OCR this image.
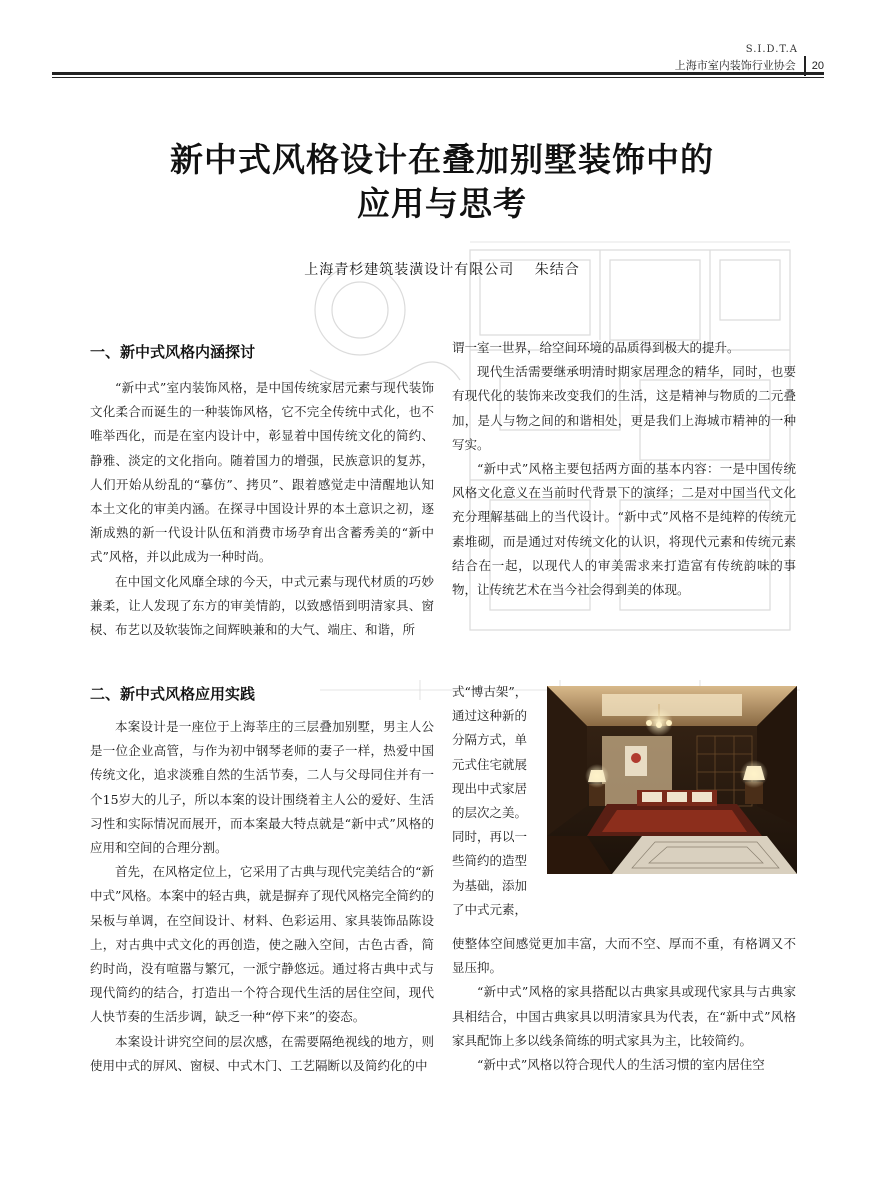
S.I.D.T.A
上海市室内装饰行业协会 20
新中式风格设计在叠加别墅装饰中的
应用与思考
上海青杉建筑装潢设计有限公司　 朱结合
一、新中式风格内涵探讨

“新中式”室内装饰风格，是中国传统家居元素与现代装饰文化柔合而诞生的一种装饰风格，它不完全传统中式化，也不唯举西化，而是在室内设计中，彰显着中国传统文化的简约、静雅、淡定的文化指向。随着国力的增强，民族意识的复苏，人们开始从纷乱的“摹仿”、拷贝”、跟着感觉走中清醒地认知本土文化的审美内涵。在探寻中国设计界的本土意识之初，逐渐成熟的新一代设计队伍和消费市场孕育出含蓄秀美的“新中式”风格，并以此成为一种时尚。

在中国文化风靡全球的今天，中式元素与现代材质的巧妙兼柔，让人发现了东方的审美情韵，以致感悟到明清家具、窗棂、布艺以及软装饰之间辉映兼和的大气、端庄、和谐，所

谓一室一世界，给空间环境的品质得到极大的提升。

现代生活需要继承明清时期家居理念的精华，同时，也要有现代化的装饰来改变我们的生活，这是精神与物质的二元叠加，是人与物之间的和谐相处，更是我们上海城市精神的一种写实。

“新中式”风格主要包括两方面的基本内容：一是中国传统风格文化意义在当前时代背景下的演绎；二是对中国当代文化充分理解基础上的当代设计。“新中式”风格不是纯粹的传统元素堆砌，而是通过对传统文化的认识，将现代元素和传统元素结合在一起，以现代人的审美需求来打造富有传统韵味的事物，让传统艺术在当今社会得到美的体现。

二、新中式风格应用实践

本案设计是一座位于上海莘庄的三层叠加别墅，男主人公是一位企业高管，与作为初中钢琴老师的妻子一样，热爱中国传统文化，追求淡雅自然的生活节奏，二人与父母同住并有一个15岁大的儿子，所以本案的设计围绕着主人公的爱好、生活习性和实际情况而展开，而本案最大特点就是“新中式”风格的应用和空间的合理分割。

首先，在风格定位上，它采用了古典与现代完美结合的“新中式”风格。本案中的轻古典，就是摒弃了现代风格完全简约的呆板与单调，在空间设计、材料、色彩运用、家具装饰品陈设上，对古典中式文化的再创造，使之融入空间，古色古香，简约时尚，没有喧嚣与繁冗，一派宁静悠远。通过将古典中式与现代简约的结合，打造出一个符合现代生活的居住空间，现代人快节奏的生活步调，缺乏一种“停下来”的姿态。

本案设计讲究空间的层次感，在需要隔绝视线的地方，则使用中式的屏风、窗棂、中式木门、工艺隔断以及简约化的中

式“博古架”，

通过这种新的

分隔方式，单

元式住宅就展

现出中式家居

的层次之美。

同时，再以一

些简约的造型

为基础，添加

了中式元素，

使整体空间感觉更加丰富，大而不空、厚而不重，有格调又不显压抑。

“新中式”风格的家具搭配以古典家具或现代家具与古典家具相结合，中国古典家具以明清家具为代表，在“新中式”风格家具配饰上多以线条简练的明式家具为主，比较简约。

“新中式”风格以符合现代人的生活习惯的室内居住空
